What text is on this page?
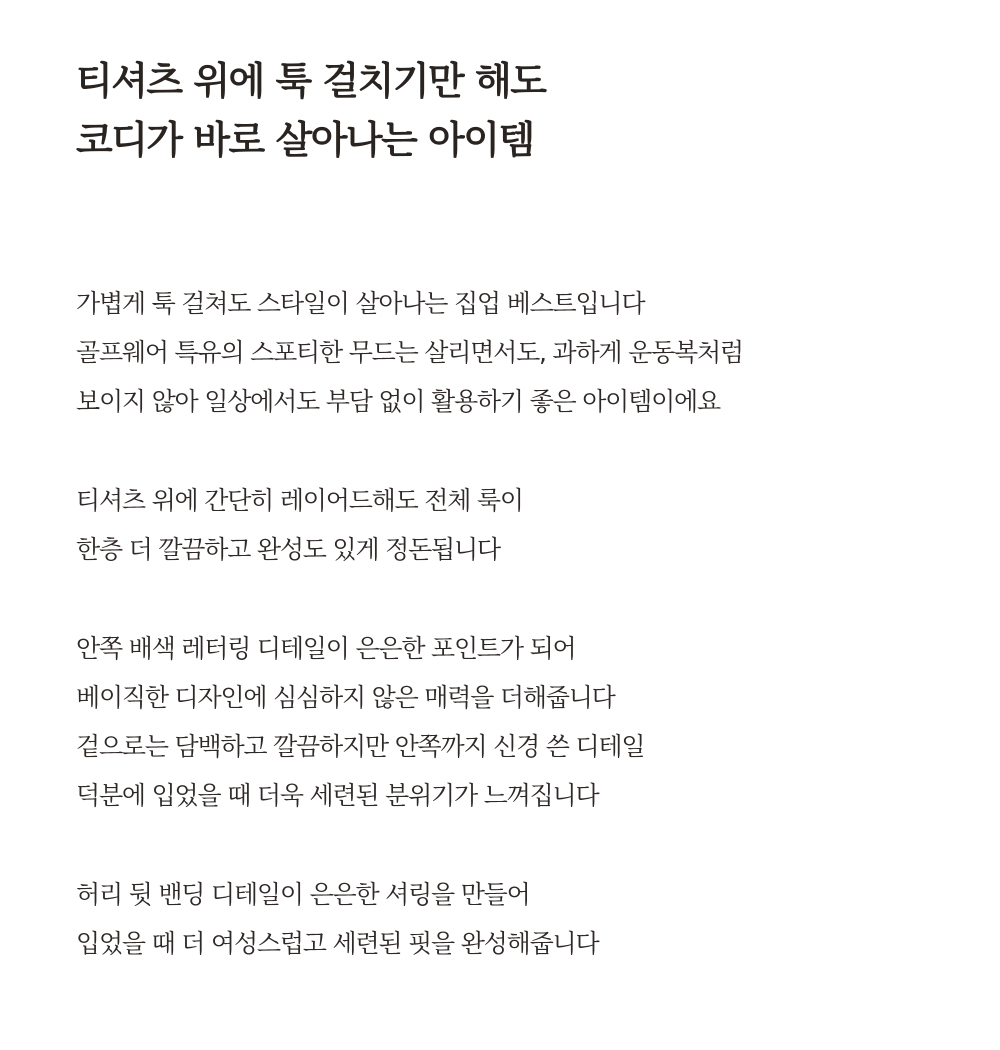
티셔츠 위에 툭 걸치기만 해도
코디가 바로 살아나는 아이템

가볍게 툭 걸쳐도 스타일이 살아나는 집업 베스트입니다
골프웨어 특유의 스포티한 무드는 살리면서도, 과하게 운동복처럼
보이지 않아 일상에서도 부담 없이 활용하기 좋은 아이템이에요

티셔츠 위에 간단히 레이어드해도 전체 룩이
한층 더 깔끔하고 완성도 있게 정돈됩니다

안쪽 배색 레터링 디테일이 은은한 포인트가 되어
베이직한 디자인에 심심하지 않은 매력을 더해줍니다
겉으로는 담백하고 깔끔하지만 안쪽까지 신경 쓴 디테일
덕분에 입었을 때 더욱 세련된 분위기가 느껴집니다

허리 뒷 밴딩 디테일이 은은한 셔링을 만들어
입었을 때 더 여성스럽고 세련된 핏을 완성해줍니다
